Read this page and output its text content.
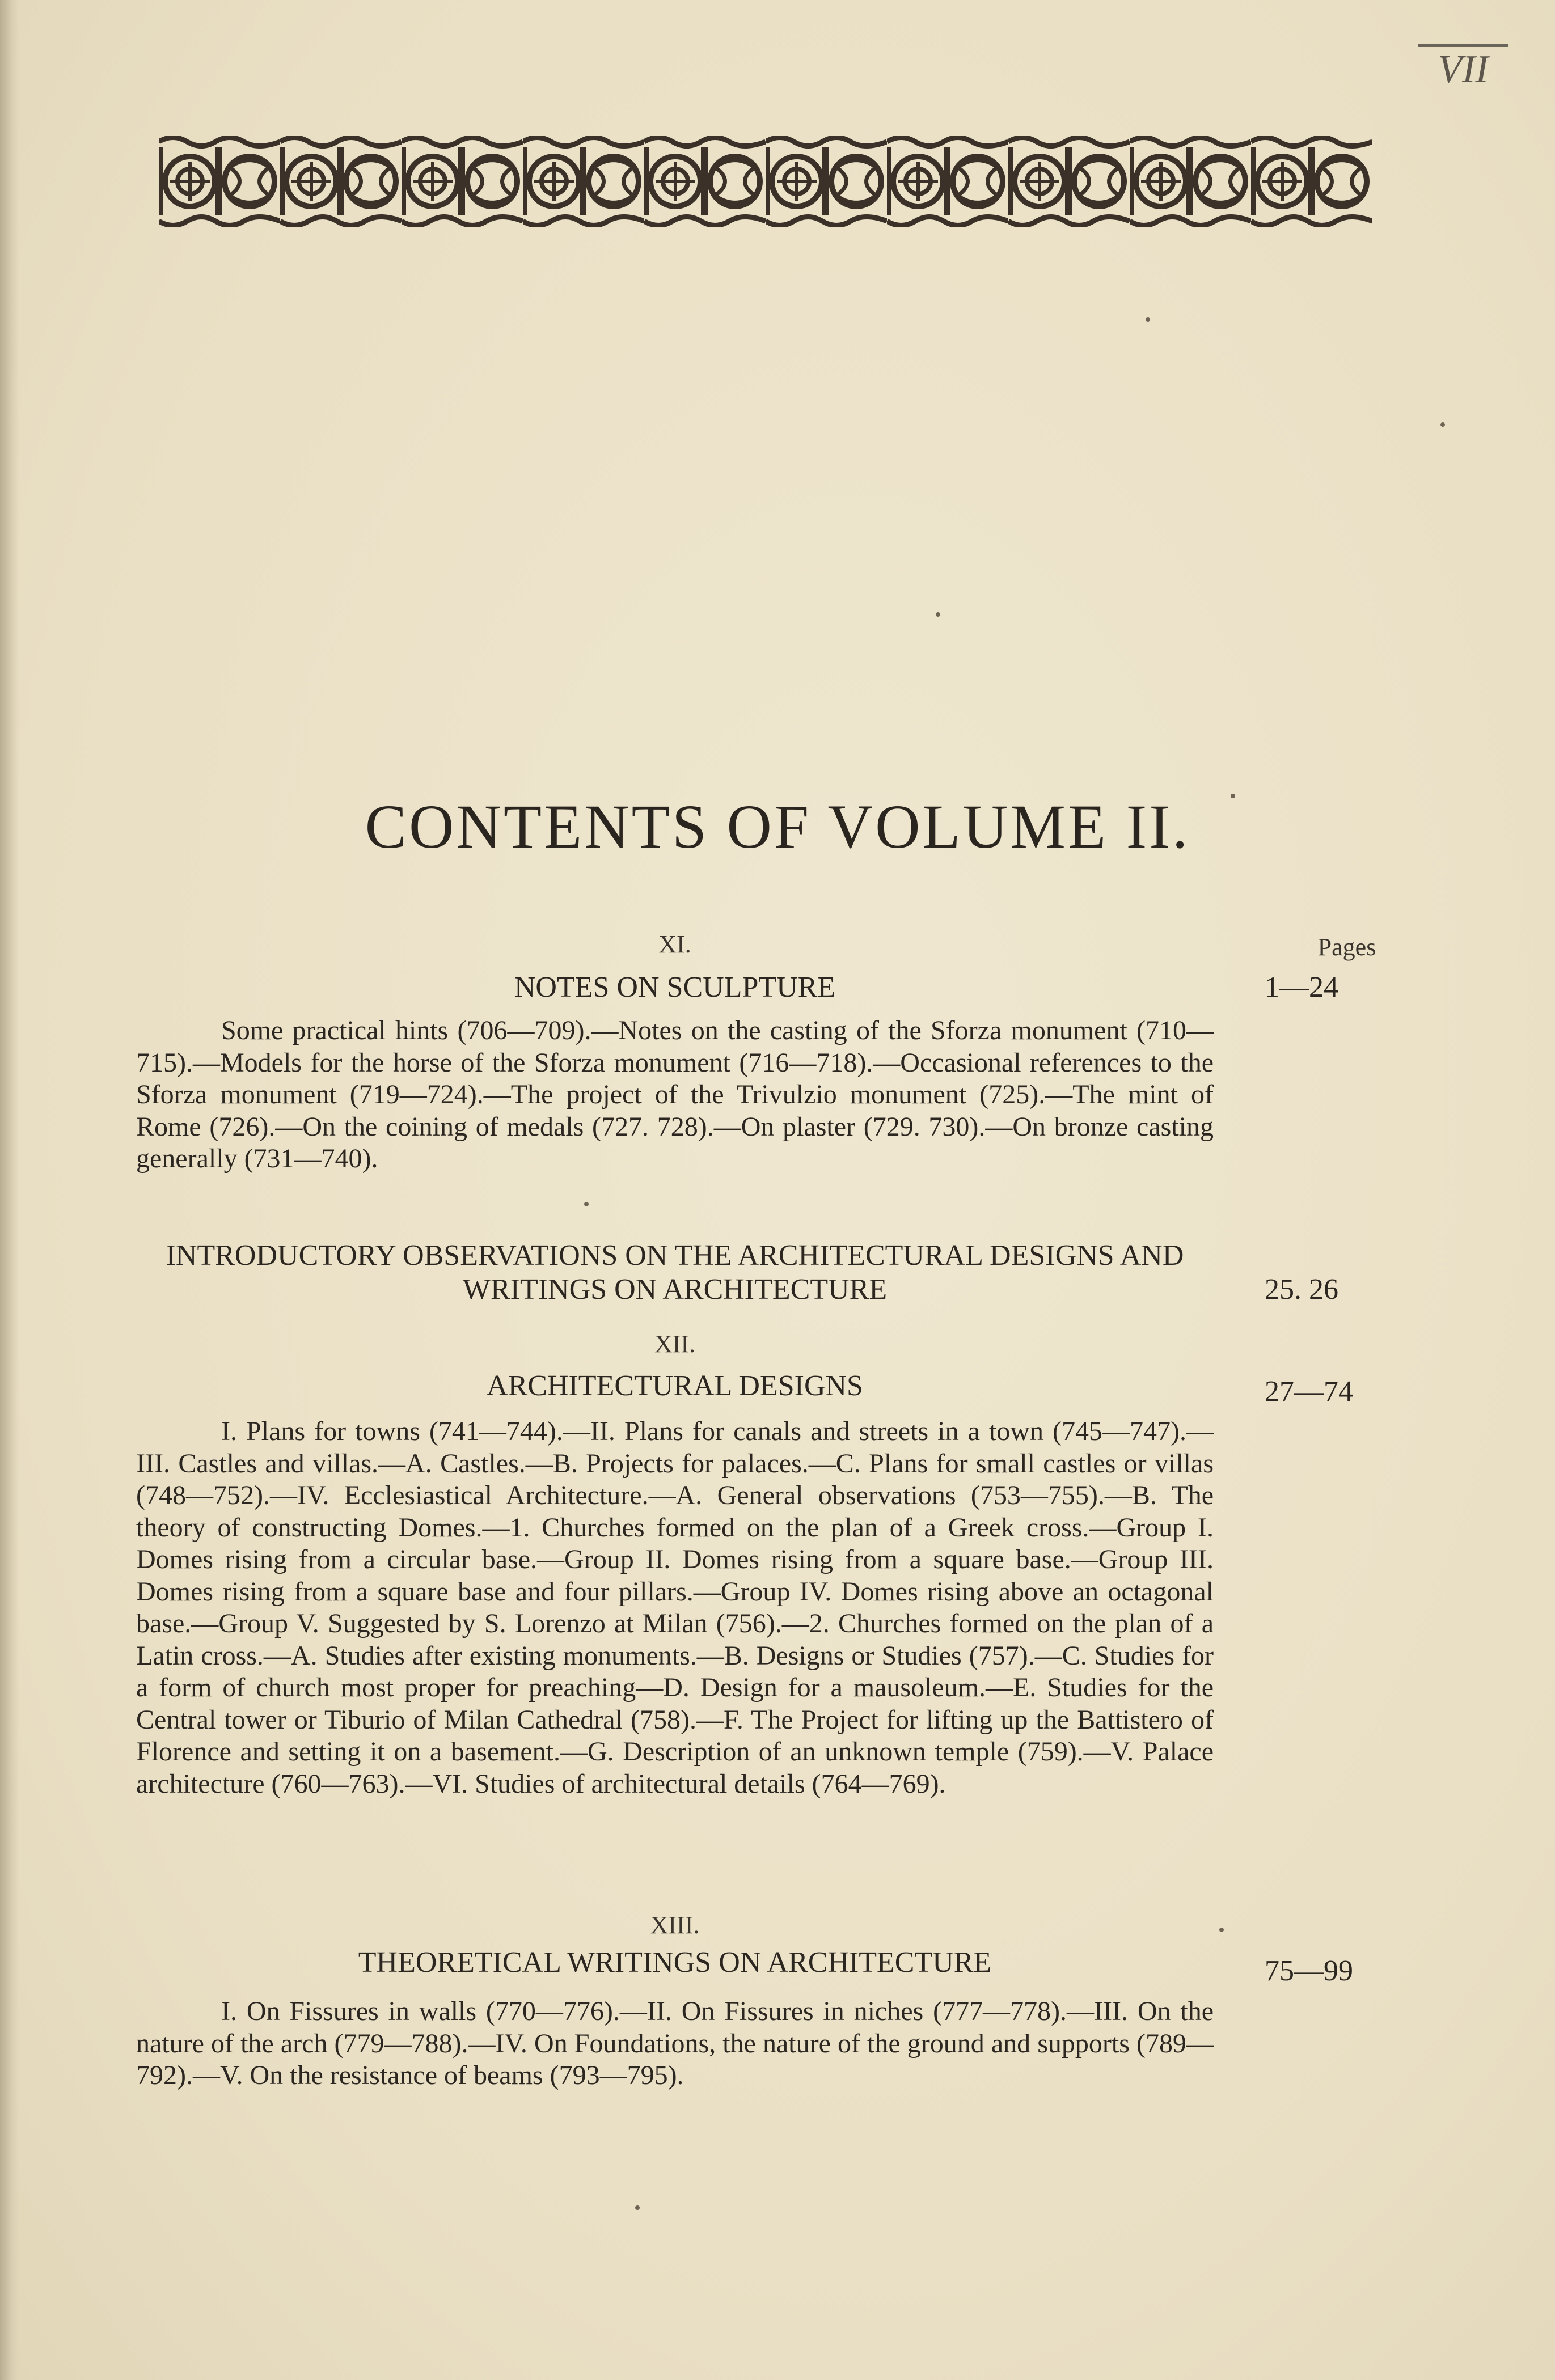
VII
CONTENTS OF VOLUME II.
Pages
XI.
NOTES ON SCULPTURE	1—24
Some practical hints (706—709).—Notes on the casting of the Sforza monument (710—715).—Models for the horse of the Sforza monument (716—718).—Occasional references to the Sforza monument (719—724).—The project of the Trivulzio monument (725).—The mint of Rome (726).—On the coining of medals (727. 728).—On plaster (729. 730).—On bronze casting generally (731—740).
INTRODUCTORY OBSERVATIONS ON THE ARCHITECTURAL DESIGNS AND WRITINGS ON ARCHITECTURE	25. 26
XII.
ARCHITECTURAL DESIGNS	27—74
I. Plans for towns (741—744).—II. Plans for canals and streets in a town (745—747).—III. Castles and villas.—A. Castles.—B. Projects for palaces.—C. Plans for small castles or villas (748—752).—IV. Ecclesiastical Architecture.—A. General observations (753—755).—B. The theory of constructing Domes.—1. Churches formed on the plan of a Greek cross.—Group I. Domes rising from a circular base.—Group II. Domes rising from a square base.—Group III. Domes rising from a square base and four pillars.—Group IV. Domes rising above an octagonal base.—Group V. Suggested by S. Lorenzo at Milan (756).—2. Churches formed on the plan of a Latin cross.—A. Studies after existing monuments.—B. Designs or Studies (757).—C. Studies for a form of church most proper for preaching—D. Design for a mausoleum.—E. Studies for the Central tower or Tiburio of Milan Cathedral (758).—F. The Project for lifting up the Battistero of Florence and setting it on a basement.—G. Description of an unknown temple (759).—V. Palace architecture (760—763).—VI. Studies of architectural details (764—769).
XIII.
THEORETICAL WRITINGS ON ARCHITECTURE	75—99
I. On Fissures in walls (770—776).—II. On Fissures in niches (777—778).—III. On the nature of the arch (779—788).—IV. On Foundations, the nature of the ground and supports (789—792).—V. On the resistance of beams (793—795).
